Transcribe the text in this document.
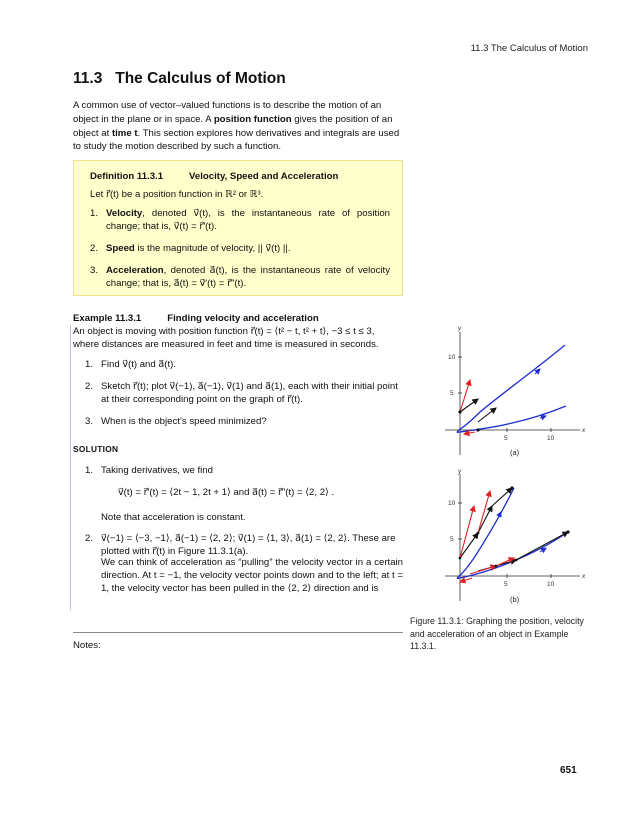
11.3 The Calculus of Motion
11.3 The Calculus of Motion
A common use of vector–valued functions is to describe the motion of an object in the plane or in space. A position function gives the position of an object at time t. This section explores how derivatives and integrals are used to study the motion described by such a function.
Definition 11.3.1	Velocity, Speed and Acceleration
Let r⃗(t) be a position function in ℝ² or ℝ³.
1. Velocity, denoted v⃗(t), is the instantaneous rate of position change; that is, v⃗(t) = r⃗′(t).
2. Speed is the magnitude of velocity, || v⃗(t) ||.
3. Acceleration, denoted a⃗(t), is the instantaneous rate of velocity change; that is, a⃗(t) = v⃗′(t) = r⃗″(t).
Example 11.3.1	Finding velocity and acceleration
An object is moving with position function r⃗(t) = ⟨t² − t, t² + t⟩, −3 ≤ t ≤ 3, where distances are measured in feet and time is measured in seconds.
1. Find v⃗(t) and a⃗(t).
2. Sketch r⃗(t); plot v⃗(−1), a⃗(−1), v⃗(1) and a⃗(1), each with their initial point at their corresponding point on the graph of r⃗(t).
3. When is the object’s speed minimized?
SOLUTION
1. Taking derivatives, we find
v⃗(t) = r⃗′(t) = ⟨2t − 1, 2t + 1⟩ and a⃗(t) = r⃗″(t) = ⟨2, 2⟩ .
Note that acceleration is constant.
2. v⃗(−1) = ⟨−3, −1⟩, a⃗(−1) = ⟨2, 2⟩; v⃗(1) = ⟨1, 3⟩, a⃗(1) = ⟨2, 2⟩. These are plotted with r⃗(t) in Figure 11.3.1(a).
We can think of acceleration as “pulling” the velocity vector in a certain direction. At t = −1, the velocity vector points down and to the left; at t = 1, the velocity vector has been pulled in the ⟨2, 2⟩ direction and is
Notes:
5	10
5
10
x
y
(a)
5	10
5
10
x
y
(b)
Figure 11.3.1: Graphing the position, velocity and acceleration of an object in Example 11.3.1.
651
